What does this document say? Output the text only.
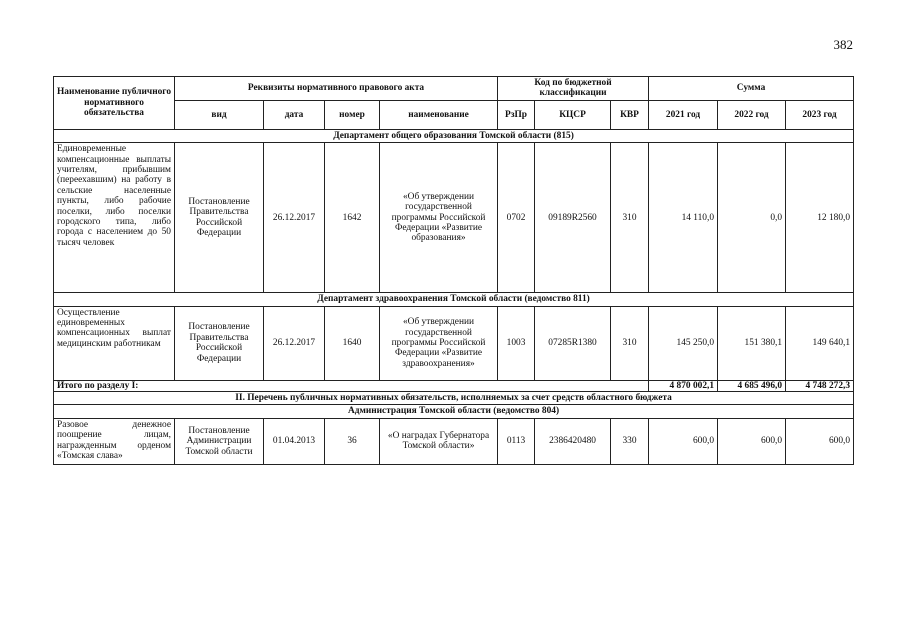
382
Наименование публичного нормативного обязательства	Реквизиты нормативного правового акта				Код по бюджетной классификации			Сумма		
	вид	дата	номер	наименование	РзПр	КЦСР	КВР	2021 год	2022 год	2023 год
Департамент общего образования Томской области (815)										
Единовременные компенсационные выплаты учителям, прибывшим (переехавшим) на работу в сельские населенные пункты, либо рабочие поселки, либо поселки городского типа, либо города с населением до 50 тысяч человек	Постановление Правительства Российской Федерации	26.12.2017	1642	«Об утверждении государственной программы Российской Федерации «Развитие образования»	0702	09189R2560	310	14 110,0	0,0	12 180,0
Департамент здравоохранения Томской области (ведомство 811)										
Осуществление единовременных компенсационных выплат медицинским работникам	Постановление Правительства Российской Федерации	26.12.2017	1640	«Об утверждении государственной программы Российской Федерации «Развитие здравоохранения»	1003	07285R1380	310	145 250,0	151 380,1	149 640,1
Итого по разделу I:								4 870 002,1	4 685 496,0	4 748 272,3
II. Перечень публичных нормативных обязательств, исполняемых за счет средств областного бюджета										
Администрация Томской области (ведомство 804)										
Разовое денежное поощрение лицам, награжденным орденом «Томская слава»	Постановление Администрации Томской области	01.04.2013	36	«О наградах Губернатора Томской области»	0113	2386420480	330	600,0	600,0	600,0
